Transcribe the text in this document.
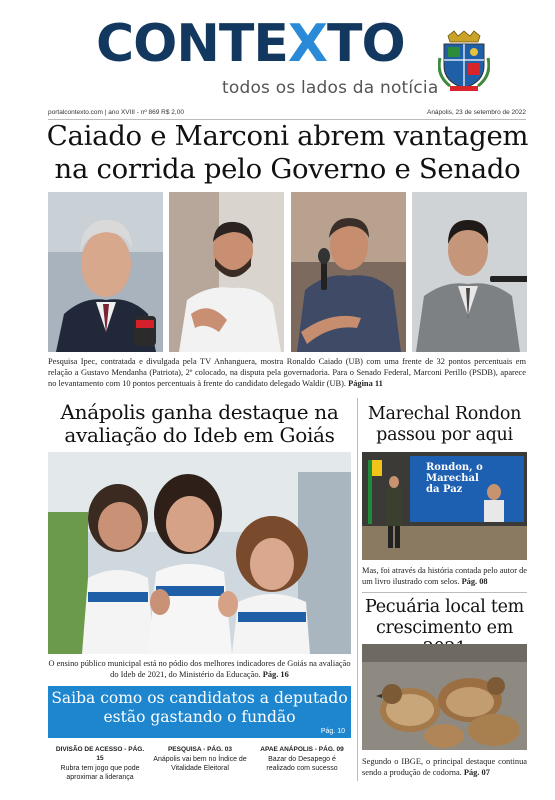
CONTEXTO
todos os lados da notícia
portalcontexto.com | ano XVIII - nº 869 R$ 2,00	Anápolis, 23 de setembro de 2022
Caiado e Marconi abrem vantagem na corrida pelo Governo e Senado
Pesquisa Ipec, contratada e divulgada pela TV Anhanguera, mostra Ronaldo Caiado (UB) com uma frente de 32 pontos percentuais em relação a Gustavo Mendanha (Patriota), 2º colocado, na disputa pela governadoria. Para o Senado Federal, Marconi Perillo (PSDB), aparece no levantamento com 10 pontos percentuais à frente do candidato delegado Waldir (UB). Página 11
Anápolis ganha destaque na avaliação do Ideb em Goiás
O ensino público municipal está no pódio dos melhores indicadores de Goiás na avaliação do Ideb de 2021, do Ministério da Educação. Pág. 16
Saiba como os candidatos a deputado estão gastando o fundão
Pág. 10
DIVISÃO DE ACESSO - PÁG. 15
Rubra tem jogo que pode aproximar a liderança
PESQUISA - PÁG. 03
Anápolis vai bem no Índice de Vitalidade Eleitoral
APAE ANÁPOLIS - PÁG. 09
Bazar do Desapego é realizado com sucesso
Marechal Rondon passou por aqui
Rondon, o Marechal da Paz
Mas, foi através da história contada pelo autor de um livro ilustrado com selos. Pág. 08
Pecuária local tem crescimento em
Segundo o IBGE, o principal destaque continua sendo a produção de codorna. Pág. 07
